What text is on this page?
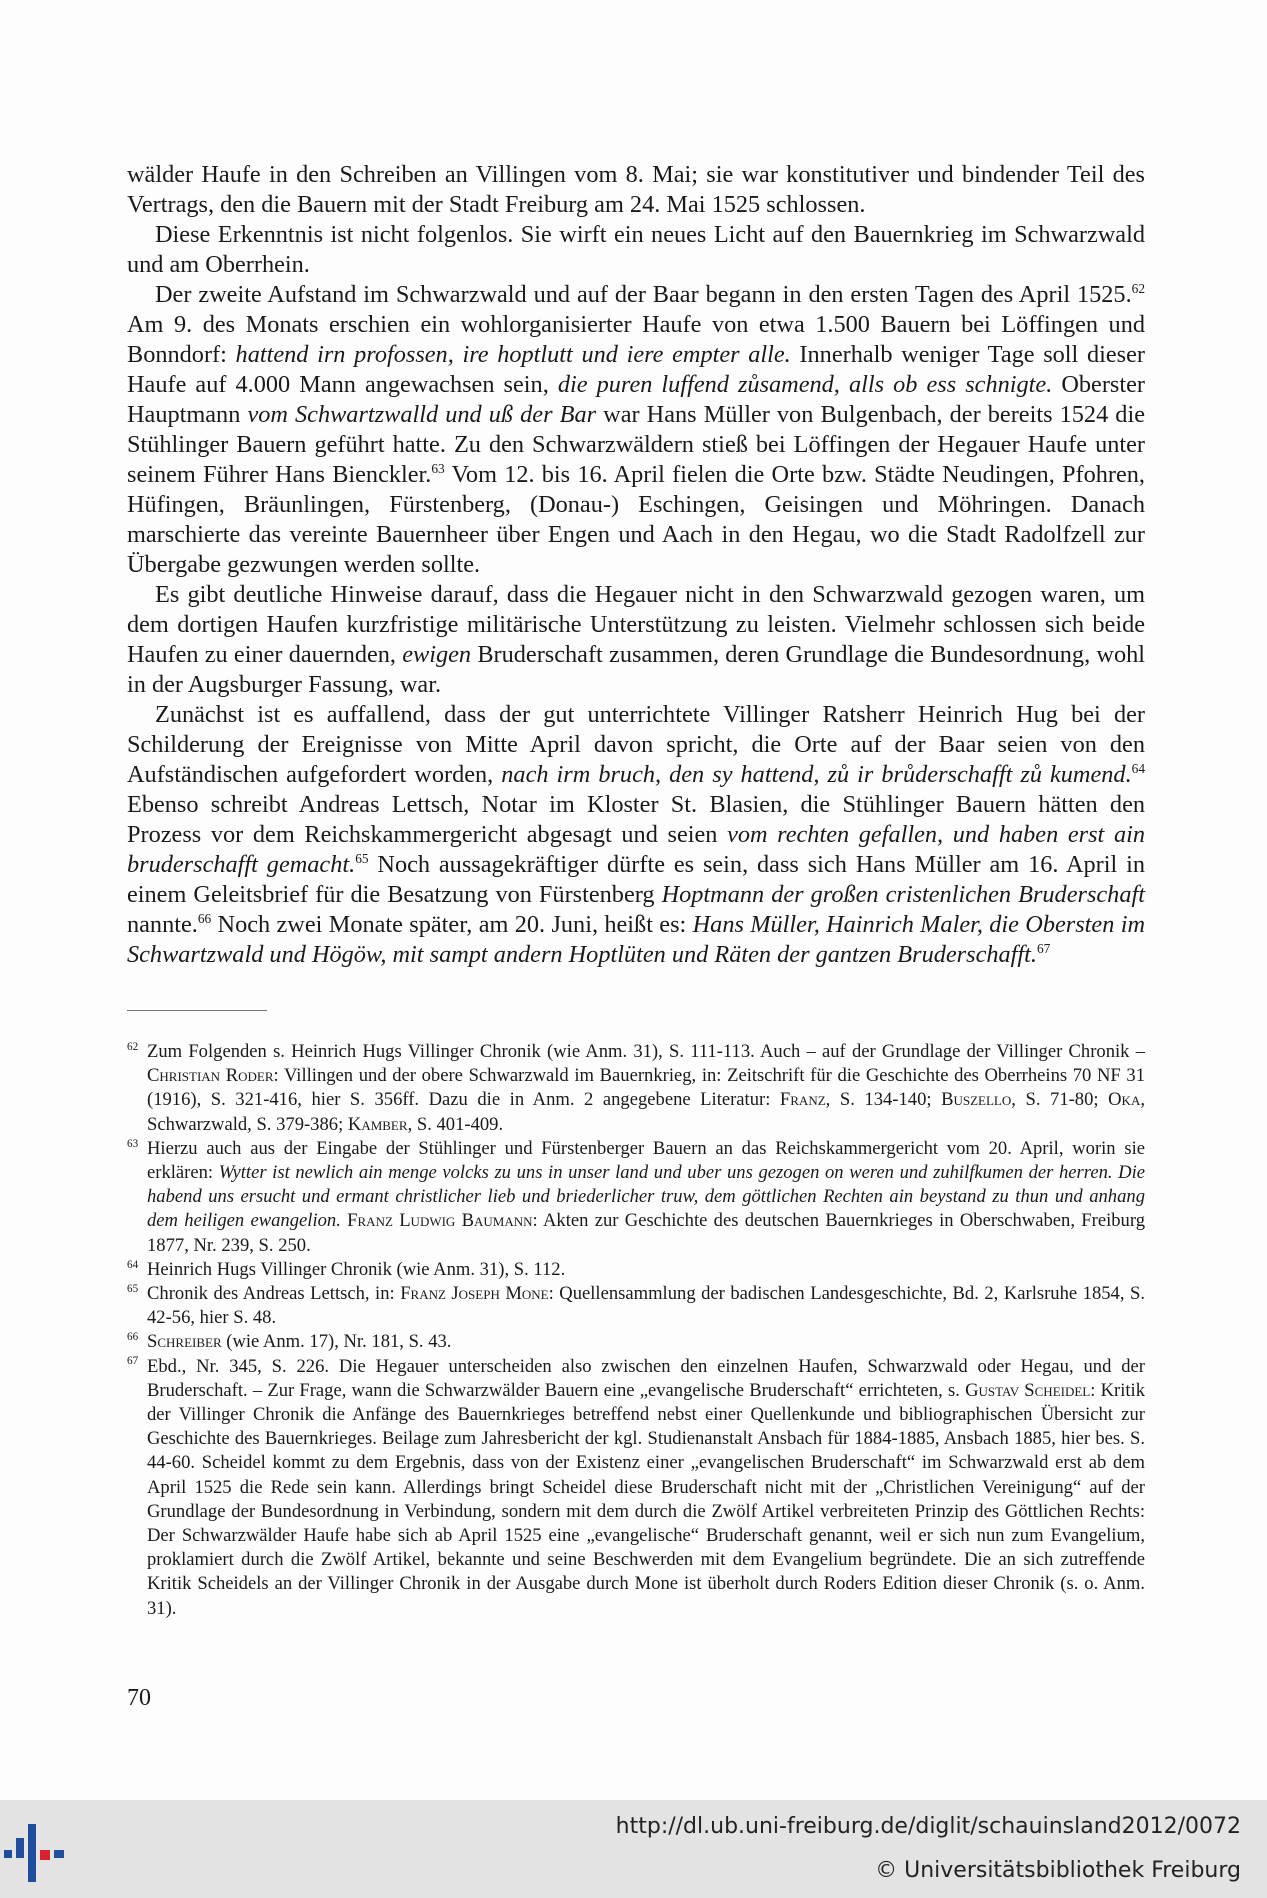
wälder Haufe in den Schreiben an Villingen vom 8. Mai; sie war konstitutiver und bindender Teil des Vertrags, den die Bauern mit der Stadt Freiburg am 24. Mai 1525 schlossen.

Diese Erkenntnis ist nicht folgenlos. Sie wirft ein neues Licht auf den Bauernkrieg im Schwarzwald und am Oberrhein.

Der zweite Aufstand im Schwarzwald und auf der Baar begann in den ersten Tagen des April 1525.62 Am 9. des Monats erschien ein wohlorganisierter Haufe von etwa 1.500 Bauern bei Löffingen und Bonndorf: hattend irn profossen, ire hoptlutt und iere empter alle. Innerhalb weniger Tage soll dieser Haufe auf 4.000 Mann angewachsen sein, die puren luffend zůsamend, alls ob ess schnigte. Oberster Hauptmann vom Schwartzwalld und uß der Bar war Hans Müller von Bulgenbach, der bereits 1524 die Stühlinger Bauern geführt hatte. Zu den Schwarzwäldern stieß bei Löffingen der Hegauer Haufe unter seinem Führer Hans Bienckler.$^{63}$ Vom 12. bis 16. April fielen die Orte bzw. Städte Neudingen, Pfohren, Hüfingen, Bräunlingen, Fürstenberg, (Donau-) Eschingen, Geisingen und Möhringen. Danach marschierte das vereinte Bauernheer über Engen und Aach in den Hegau, wo die Stadt Radolfzell zur Übergabe gezwungen werden sollte.

Es gibt deutliche Hinweise darauf, dass die Hegauer nicht in den Schwarzwald gezogen waren, um dem dortigen Haufen kurzfristige militärische Unterstützung zu leisten. Vielmehr schlossen sich beide Haufen zu einer dauernden, ewigen Bruderschaft zusammen, deren Grundlage die Bundesordnung, wohl in der Augsburger Fassung, war.

Zunächst ist es auffallend, dass der gut unterrichtete Villinger Ratsherr Heinrich Hug bei der Schilderung der Ereignisse von Mitte April davon spricht, die Orte auf der Baar seien von den Aufständischen aufgefordert worden, nach irm bruch, den sy hattend, zů ir brůderschafft zů kumend.$^{64}$ Ebenso schreibt Andreas Lettsch, Notar im Kloster St. Blasien, die Stühlinger Bauern hätten den Prozess vor dem Reichskammergericht abgesagt und seien vom rechten gefallen, und haben erst ain bruderschafft gemacht.$^{65}$ Noch aussagekräftiger dürfte es sein, dass sich Hans Müller am 16. April in einem Geleitsbrief für die Besatzung von Fürstenberg Hoptmann der großen cristenlichen Bruderschaft nannte.$^{66}$ Noch zwei Monate später, am 20. Juni, heißt es: Hans Müller, Hainrich Maler, die Obersten im Schwartzwald und Högöw, mit sampt andern Hoptlüten und Räten der gantzen Bruderschafft.$^{67}$

62 Zum Folgenden s. Heinrich Hugs Villinger Chronik (wie Anm. 31), S. 111-113. Auch – auf der Grundlage der Villinger Chronik – Christian Roder: Villingen und der obere Schwarzwald im Bauernkrieg, in: Zeitschrift für die Geschichte des Oberrheins 70 NF 31 (1916), S. 321-416, hier S. 356ff. Dazu die in Anm. 2 angegebene Literatur: Franz, S. 134-140; Buszello, S. 71-80; Oka, Schwarzwald, S. 379-386; Kamber, S. 401-409.

63 Hierzu auch aus der Eingabe der Stühlinger und Fürstenberger Bauern an das Reichskammergericht vom 20. April, worin sie erklären: Wytter ist newlich ain menge volcks zu uns in unser land und uber uns gezogen on weren und zuhilfkumen der herren. Die habend uns ersucht und ermant christlicher lieb und briederlicher truw, dem göttlichen Rechten ain beystand zu thun und anhang dem heiligen ewangelion. Franz Ludwig Baumann: Akten zur Geschichte des deutschen Bauernkrieges in Oberschwaben, Freiburg 1877, Nr. 239, S. 250.

64 Heinrich Hugs Villinger Chronik (wie Anm. 31), S. 112.

65 Chronik des Andreas Lettsch, in: Franz Joseph Mone: Quellensammlung der badischen Landesgeschichte, Bd. 2, Karlsruhe 1854, S. 42-56, hier S. 48.

66 Schreiber (wie Anm. 17), Nr. 181, S. 43.

67 Ebd., Nr. 345, S. 226. Die Hegauer unterscheiden also zwischen den einzelnen Haufen, Schwarzwald oder Hegau, und der Bruderschaft. – Zur Frage, wann die Schwarzwälder Bauern eine „evangelische Bruderschaft“ errichteten, s. Gustav Scheidel: Kritik der Villinger Chronik die Anfänge des Bauernkrieges betreffend nebst einer Quellenkunde und bibliographischen Übersicht zur Geschichte des Bauernkrieges. Beilage zum Jahresbericht der kgl. Studienanstalt Ansbach für 1884-1885, Ansbach 1885, hier bes. S. 44-60. Scheidel kommt zu dem Ergebnis, dass von der Existenz einer „evangelischen Bruderschaft“ im Schwarzwald erst ab dem April 1525 die Rede sein kann. Allerdings bringt Scheidel diese Bruderschaft nicht mit der „Christlichen Vereinigung“ auf der Grundlage der Bundesordnung in Verbindung, sondern mit dem durch die Zwölf Artikel verbreiteten Prinzip des Göttlichen Rechts: Der Schwarzwälder Haufe habe sich ab April 1525 eine „evangelische“ Bruderschaft genannt, weil er sich nun zum Evangelium, proklamiert durch die Zwölf Artikel, bekannte und seine Beschwerden mit dem Evangelium begründete. Die an sich zutreffende Kritik Scheidels an der Villinger Chronik in der Ausgabe durch Mone ist überholt durch Roders Edition dieser Chronik (s. o. Anm. 31).

70
http://dl.ub.uni-freiburg.de/diglit/schauinsland2012/0072
© Universitätsbibliothek Freiburg
